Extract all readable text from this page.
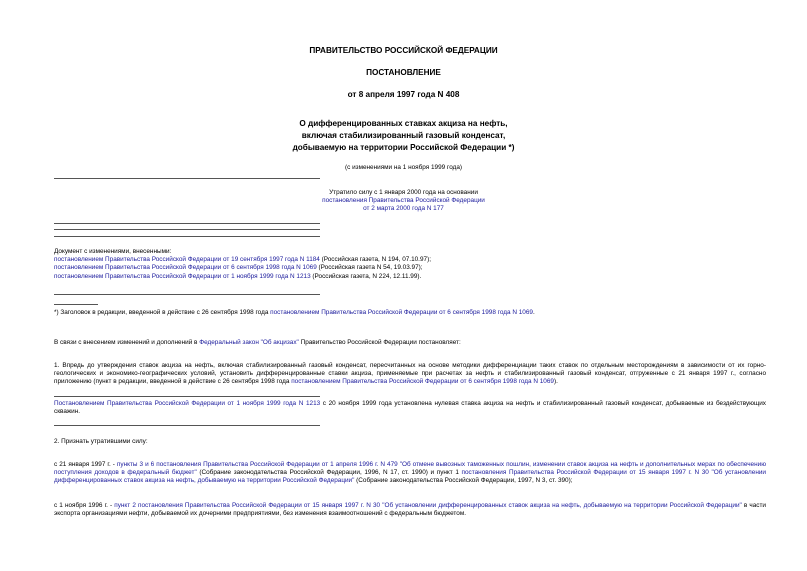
ПРАВИТЕЛЬСТВО РОССИЙСКОЙ ФЕДЕРАЦИИ
ПОСТАНОВЛЕНИЕ
от 8 апреля 1997 года N 408
О дифференцированных ставках акциза на нефть,
включая стабилизированный газовый конденсат,
добываемую на территории Российской Федерации *)
(с изменениями на 1 ноября 1999 года)
Утратило силу с 1 января 2000 года на основании
постановления Правительства Российской Федерации
от 2 марта 2000 года N 177
Документ с изменениями, внесенными:
постановлением Правительства Российской Федерации от 19 сентября 1997 года N 1184 (Российская газета, N 194, 07.10.97);
постановлением Правительства Российской Федерации от 6 сентября 1998 года N 1069 (Российская газета N 54, 19.03.97);
постановлением Правительства Российской Федерации от 1 ноября 1999 года N 1213 (Российская газета, N 224, 12.11.99).
*) Заголовок в редакции, введенной в действие с 26 сентября 1998 года постановлением Правительства Российской Федерации от 6 сентября 1998 года N 1069.
В связи с внесением изменений и дополнений в Федеральный закон "Об акцизах" Правительство Российской Федерации постановляет:
1. Впредь до утверждения ставок акциза на нефть, включая стабилизированный газовый конденсат, пересчитанных на основе методики дифференциации таких ставок по отдельным месторождениям в зависимости от их горно-геологических и экономико-географических условий, установить дифференцированные ставки акциза, применяемые при расчетах за нефть и стабилизированный газовый конденсат, отгруженные с 21 января 1997 г., согласно приложению (пункт в редакции, введенной в действие с 26 сентября 1998 года постановлением Правительства Российской Федерации от 6 сентября 1998 года N 1069).
Постановлением Правительства Российской Федерации от 1 ноября 1999 года N 1213 с 20 ноября 1999 года установлена нулевая ставка акциза на нефть и стабилизированный газовый конденсат, добываемые из бездействующих скважин.
2. Признать утратившими силу:
с 21 января 1997 г. - пункты 3 и 6 постановления Правительства Российской Федерации от 1 апреля 1996 г. N 479 "Об отмене вывозных таможенных пошлин, изменении ставок акциза на нефть и дополнительных мерах по обеспечению поступления доходов в федеральный бюджет" (Собрание законодательства Российской Федерации, 1996, N 17, ст. 1990) и пункт 1 постановления Правительства Российской Федерации от 15 января 1997 г. N 30 "Об установлении дифференцированных ставок акциза на нефть, добываемую на территории Российской Федерации" (Собрание законодательства Российской Федерации, 1997, N 3, ст. 390);
с 1 ноября 1996 г. - пункт 2 постановления Правительства Российской Федерации от 15 января 1997 г. N 30 "Об установлении дифференцированных ставок акциза на нефть, добываемую на территории Российской Федерации" в части экспорта организациями нефти, добываемой их дочерними предприятиями, без изменения взаимоотношений с федеральным бюджетом.
